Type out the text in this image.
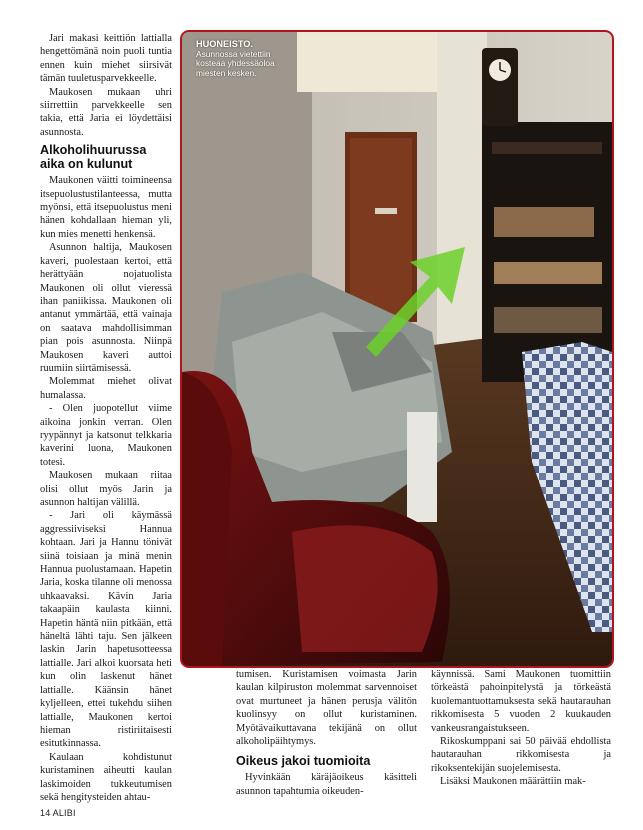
Jari makasi keittiön lattialla hengettömänä noin puoli tuntia ennen kuin miehet siirsivät tämän tuuletusparvekkeelle.

Maukosen mukaan uhri siirrettiin parvekkeelle sen takia, että Jaria ei löydettäisi asunnosta.

Alkoholihuurussa aika on kulunut

Maukonen väitti toimineensa itsepuolustustilanteessa, mutta myönsi, että itsepuolustus meni hänen kohdallaan hieman yli, kun mies menetti henkensä.

Asunnon haltija, Maukosen kaveri, puolestaan kertoi, että herättyään nojatuolista Maukonen oli ollut vieressä ihan paniikissa. Maukonen oli antanut ymmärtää, että vainaja on saatava mahdollisimman pian pois asunnosta. Niinpä Maukosen kaveri auttoi ruumiin siirtämisessä.

Molemmat miehet olivat humalassa.

- Olen juopotellut viime aikoina jonkin verran. Olen ryypännyt ja katsonut telkkaria kaverini luona, Maukonen totesi.

Maukosen mukaan riitaa olisi ollut myös Jarin ja asunnon haltijan välillä.

- Jari oli käymässä aggressiiviseksi Hannua kohtaan. Jari ja Hannu tönivät siinä toisiaan ja minä menin Hannua puolustamaan. Hapetin Jaria, koska tilanne oli menossa uhkaavaksi. Kävin Jaria takaapäin kaulasta kiinni. Hapetin häntä niin pitkään, että häneltä lähti taju. Sen jälkeen laskin Jarin hapetusotteessa lattialle. Jari alkoi kuorsata heti kun olin laskenut hänet lattialle. Käänsin hänet kyljelleen, ettei tukehdu siihen lattialle, Maukonen kertoi hieman ristiriitaisesti esitutkinnassa.

Kaulaan kohdistunut kuristaminen aiheutti kaulan laskimoiden tukkeutumisen sekä hengitysteiden ahtau-

HUONEISTO.
Asunnossa vietettiin kosteaa yhdessäoloa miesten kesken.

tumisen. Kuristamisen voimasta Jarin kaulan kilpiruston molemmat sarvennoiset ovat murtuneet ja hänen perusja välitön kuolinsyy on ollut kuristaminen. Myötävaikuttavana tekijänä on ollut alkoholipäihtymys.

Oikeus jakoi tuomioita

Hyvinkään käräjäoikeus käsitteli asunnon tapahtumia oikeuden-

käynnissä. Sami Maukonen tuomittiin törkeästä pahoinpitelystä ja törkeästä kuolemantuottamuksesta sekä hautarauhan rikkomisesta 5 vuoden 2 kuukauden vankeusrangaistukseen.

Rikoskumppani sai 50 päivää ehdollista hautarauhan rikkomisesta ja rikoksentekijän suojelemisesta.

Lisäksi Maukonen määrättiin mak-

14 ALIBI
